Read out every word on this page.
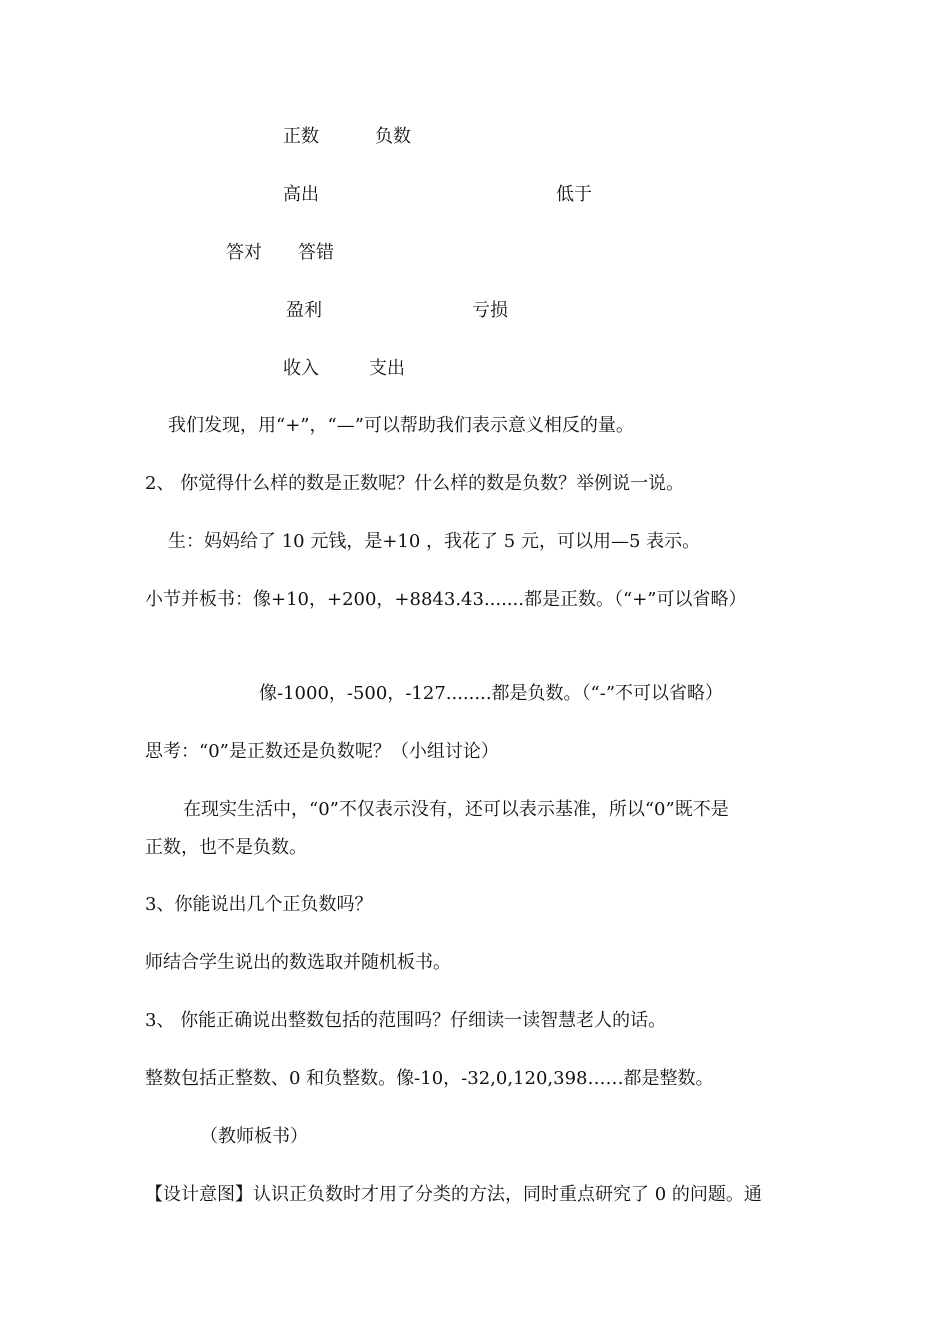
正数	负数
高出	低于
答对 答错
盈利	亏损
收入	支出
我们发现，用“+”，“—”可以帮助我们表示意义相反的量。
2、 你觉得什么样的数是正数呢？什么样的数是负数？举例说一说。
生：妈妈给了 10 元钱，是+10 ，我花了 5 元，可以用—5 表示。
小节并板书：像+10，+200，+8843.43.......都是正数。（“+”可以省略）
像-1000，-500，-127........都是负数。（“-”不可以省略）
思考：“0”是正数还是负数呢？（小组讨论）
在现实生活中，“0”不仅表示没有，还可以表示基准，所以“0”既不是
正数，也不是负数。
3、你能说出几个正负数吗？
师结合学生说出的数选取并随机板书。
3、 你能正确说出整数包括的范围吗？仔细读一读智慧老人的话。
整数包括正整数、0 和负整数。像-10，-32,0,120,398……都是整数。
（教师板书）
【设计意图】认识正负数时才用了分类的方法，同时重点研究了 0 的问题。通
